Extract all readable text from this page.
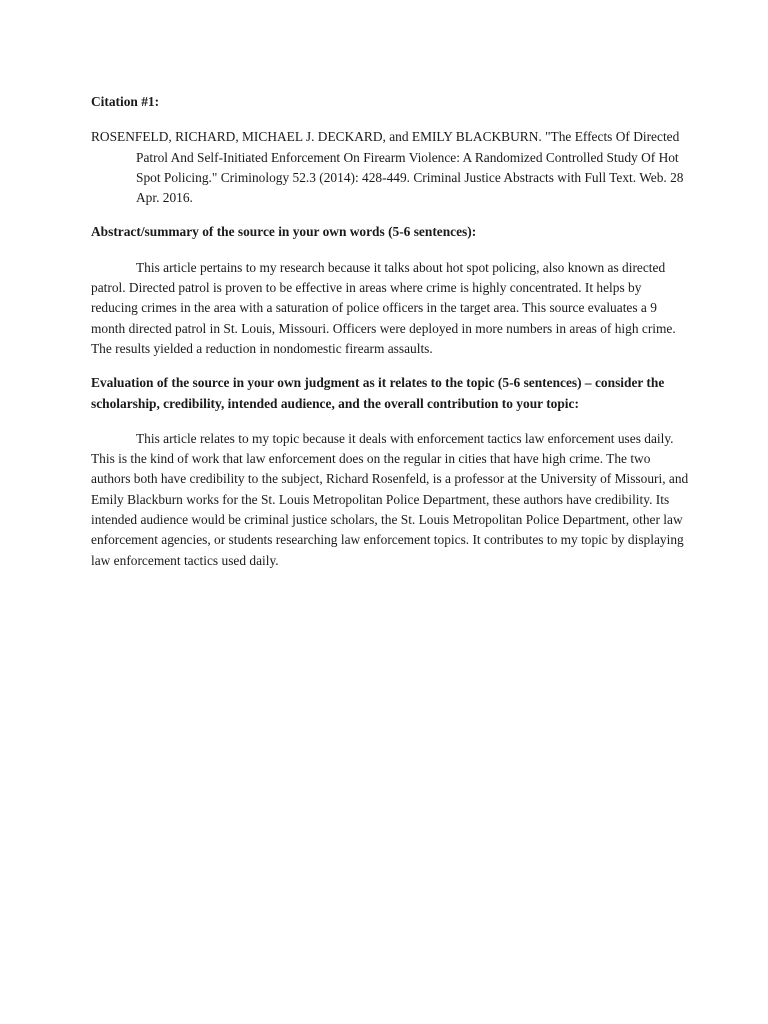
Citation #1:

ROSENFELD, RICHARD, MICHAEL J. DECKARD, and EMILY BLACKBURN. "The Effects Of Directed Patrol And Self-Initiated Enforcement On Firearm Violence: A Randomized Controlled Study Of Hot Spot Policing." Criminology 52.3 (2014): 428-449. Criminal Justice Abstracts with Full Text. Web. 28 Apr. 2016.

Abstract/summary of the source in your own words (5-6 sentences):

This article pertains to my research because it talks about hot spot policing, also known as directed patrol. Directed patrol is proven to be effective in areas where crime is highly concentrated. It helps by reducing crimes in the area with a saturation of police officers in the target area. This source evaluates a 9 month directed patrol in St. Louis, Missouri. Officers were deployed in more numbers in areas of high crime. The results yielded a reduction in nondomestic firearm assaults.

Evaluation of the source in your own judgment as it relates to the topic (5-6 sentences) – consider the scholarship, credibility, intended audience, and the overall contribution to your topic:

This article relates to my topic because it deals with enforcement tactics law enforcement uses daily. This is the kind of work that law enforcement does on the regular in cities that have high crime. The two authors both have credibility to the subject, Richard Rosenfeld, is a professor at the University of Missouri, and Emily Blackburn works for the St. Louis Metropolitan Police Department, these authors have credibility. Its intended audience would be criminal justice scholars, the St. Louis Metropolitan Police Department, other law enforcement agencies, or students researching law enforcement topics. It contributes to my topic by displaying law enforcement tactics used daily.
